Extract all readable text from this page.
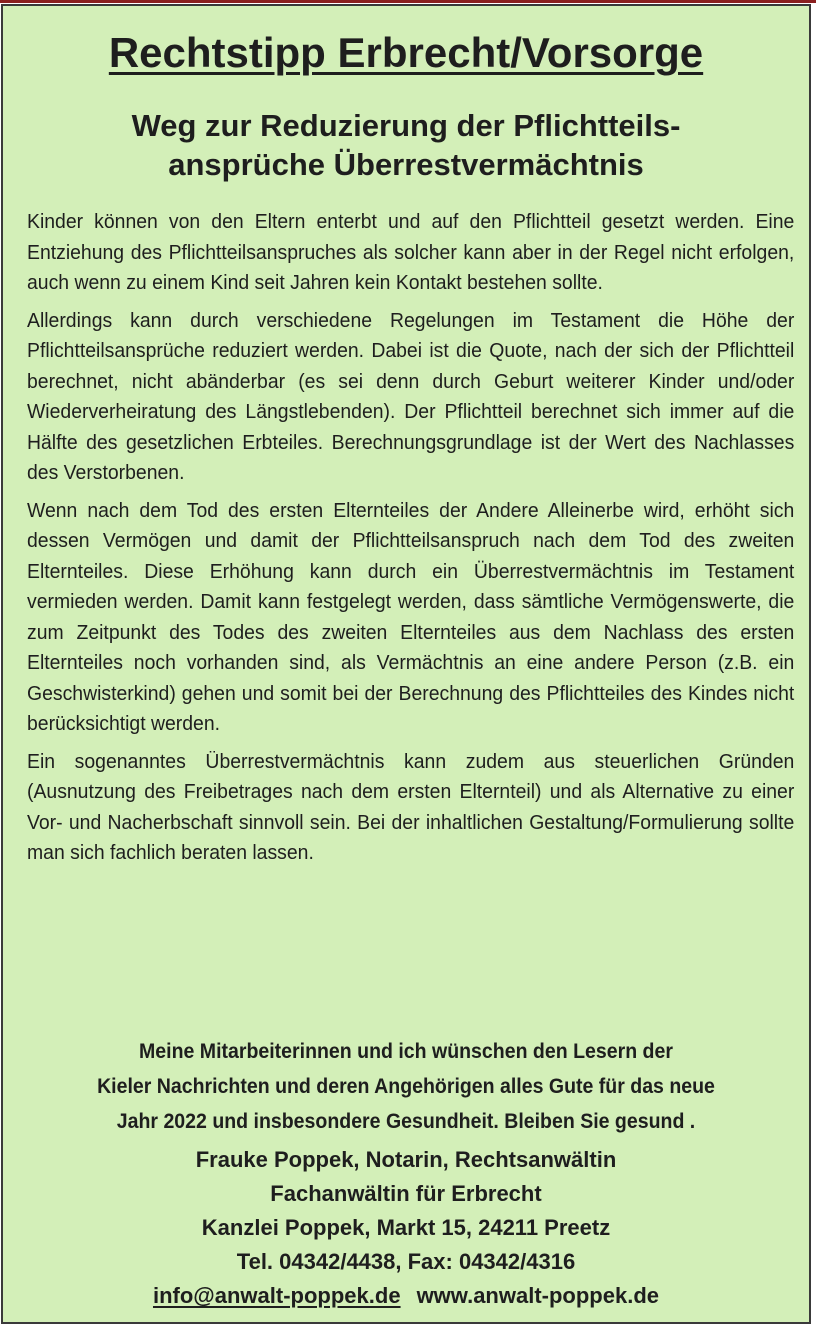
Rechtstipp Erbrecht/Vorsorge
Weg zur Reduzierung der Pflichtteils-
ansprüche Überrestvermächtnis

Kinder können von den Eltern enterbt und auf den Pflichtteil gesetzt werden. Eine Entziehung des Pflichtteilsanspruches als solcher kann aber in der Regel nicht erfolgen, auch wenn zu einem Kind seit Jahren kein Kontakt bestehen sollte.

Allerdings kann durch verschiedene Regelungen im Testament die Höhe der Pflichtteilsansprüche reduziert werden. Dabei ist die Quote, nach der sich der Pflichtteil berechnet, nicht abänderbar (es sei denn durch Geburt weiterer Kinder und/oder Wiederverheiratung des Längstlebenden). Der Pflichtteil berechnet sich immer auf die Hälfte des gesetzlichen Erbteiles. Berechnungsgrundlage ist der Wert des Nachlasses des Verstorbenen.

Wenn nach dem Tod des ersten Elternteiles der Andere Alleinerbe wird, erhöht sich dessen Vermögen und damit der Pflichtteilsanspruch nach dem Tod des zweiten Elternteiles. Diese Erhöhung kann durch ein Überrestvermächtnis im Testament vermieden werden. Damit kann festgelegt werden, dass sämtliche Vermögenswerte, die zum Zeitpunkt des Todes des zweiten Elternteiles aus dem Nachlass des ersten Elternteiles noch vorhanden sind, als Vermächtnis an eine andere Person (z.B. ein Geschwisterkind) gehen und somit bei der Berechnung des Pflichtteiles des Kindes nicht berücksichtigt werden.

Ein sogenanntes Überrestvermächtnis kann zudem aus steuerlichen Gründen (Ausnutzung des Freibetrages nach dem ersten Elternteil) und als Alternative zu einer Vor- und Nacherbschaft sinnvoll sein. Bei der inhaltlichen Gestaltung/Formulierung sollte man sich fachlich beraten lassen.

Meine Mitarbeiterinnen und ich wünschen den Lesern der
Kieler Nachrichten und deren Angehörigen alles Gute für das neue
Jahr 2022 und insbesondere Gesundheit. Bleiben Sie gesund .
Frauke Poppek, Notarin, Rechtsanwältin
Fachanwältin für Erbrecht
Kanzlei Poppek, Markt 15, 24211 Preetz
Tel. 04342/4438, Fax: 04342/4316
info@anwalt-poppek.de www.anwalt-poppek.de
